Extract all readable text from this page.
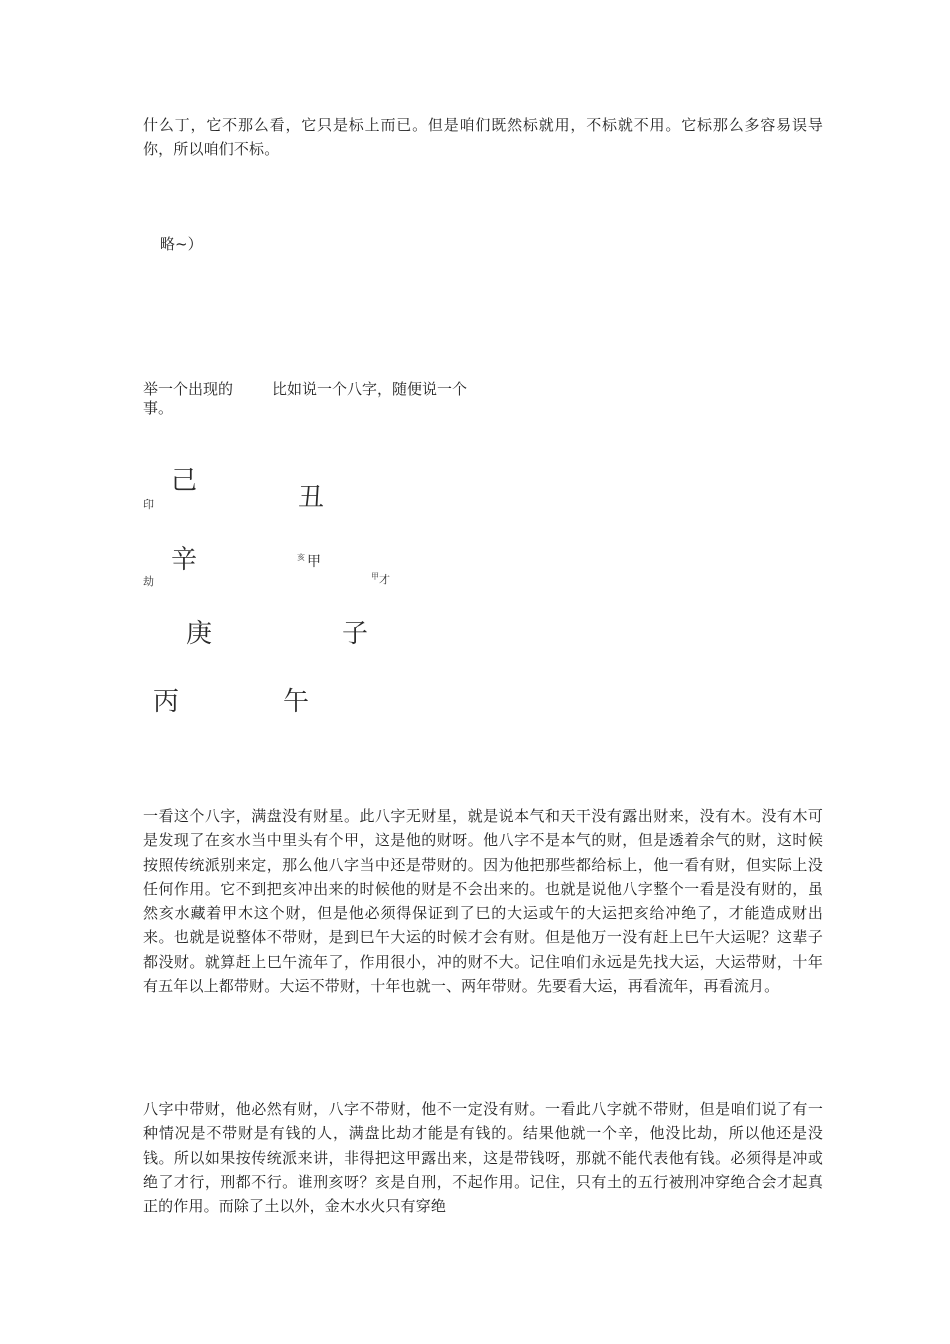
什么丁，它不那么看，它只是标上而已。但是咱们既然标就用，不标就不用。它标那么多容易误导你，所以咱们不标。

略~）

举一个出现的事。

比如说一个八字，随便说一个

印
己
丑
辛
劫
亥 甲
甲 才
庚	子
丙	午

一看这个八字，满盘没有财星。此八字无财星，就是说本气和天干没有露出财来，没有木。没有木可是发现了在亥水当中里头有个甲，这是他的财呀。他八字不是本气的财，但是透着余气的财，这时候按照传统派别来定，那么他八字当中还是带财的。因为他把那些都给标上，他一看有财，但实际上没任何作用。它不到把亥冲出来的时候他的财是不会出来的。也就是说他八字整个一看是没有财的，虽然亥水藏着甲木这个财，但是他必须得保证到了巳的大运或午的大运把亥给冲绝了，才能造成财出来。也就是说整体不带财，是到巳午大运的时候才会有财。但是他万一没有赶上巳午大运呢？这辈子都没财。就算赶上巳午流年了，作用很小，冲的财不大。记住咱们永远是先找大运，大运带财，十年有五年以上都带财。大运不带财，十年也就一、两年带财。先要看大运，再看流年，再看流月。

八字中带财，他必然有财，八字不带财，他不一定没有财。一看此八字就不带财，但是咱们说了有一种情况是不带财是有钱的人，满盘比劫才能是有钱的。结果他就一个辛，他没比劫，所以他还是没钱。所以如果按传统派来讲，非得把这甲露出来，这是带钱呀，那就不能代表他有钱。必须得是冲或绝了才行，刑都不行。谁刑亥呀？亥是自刑，不起作用。记住，只有土的五行被刑冲穿绝合会才起真正的作用。而除了土以外，金木水火只有穿绝
